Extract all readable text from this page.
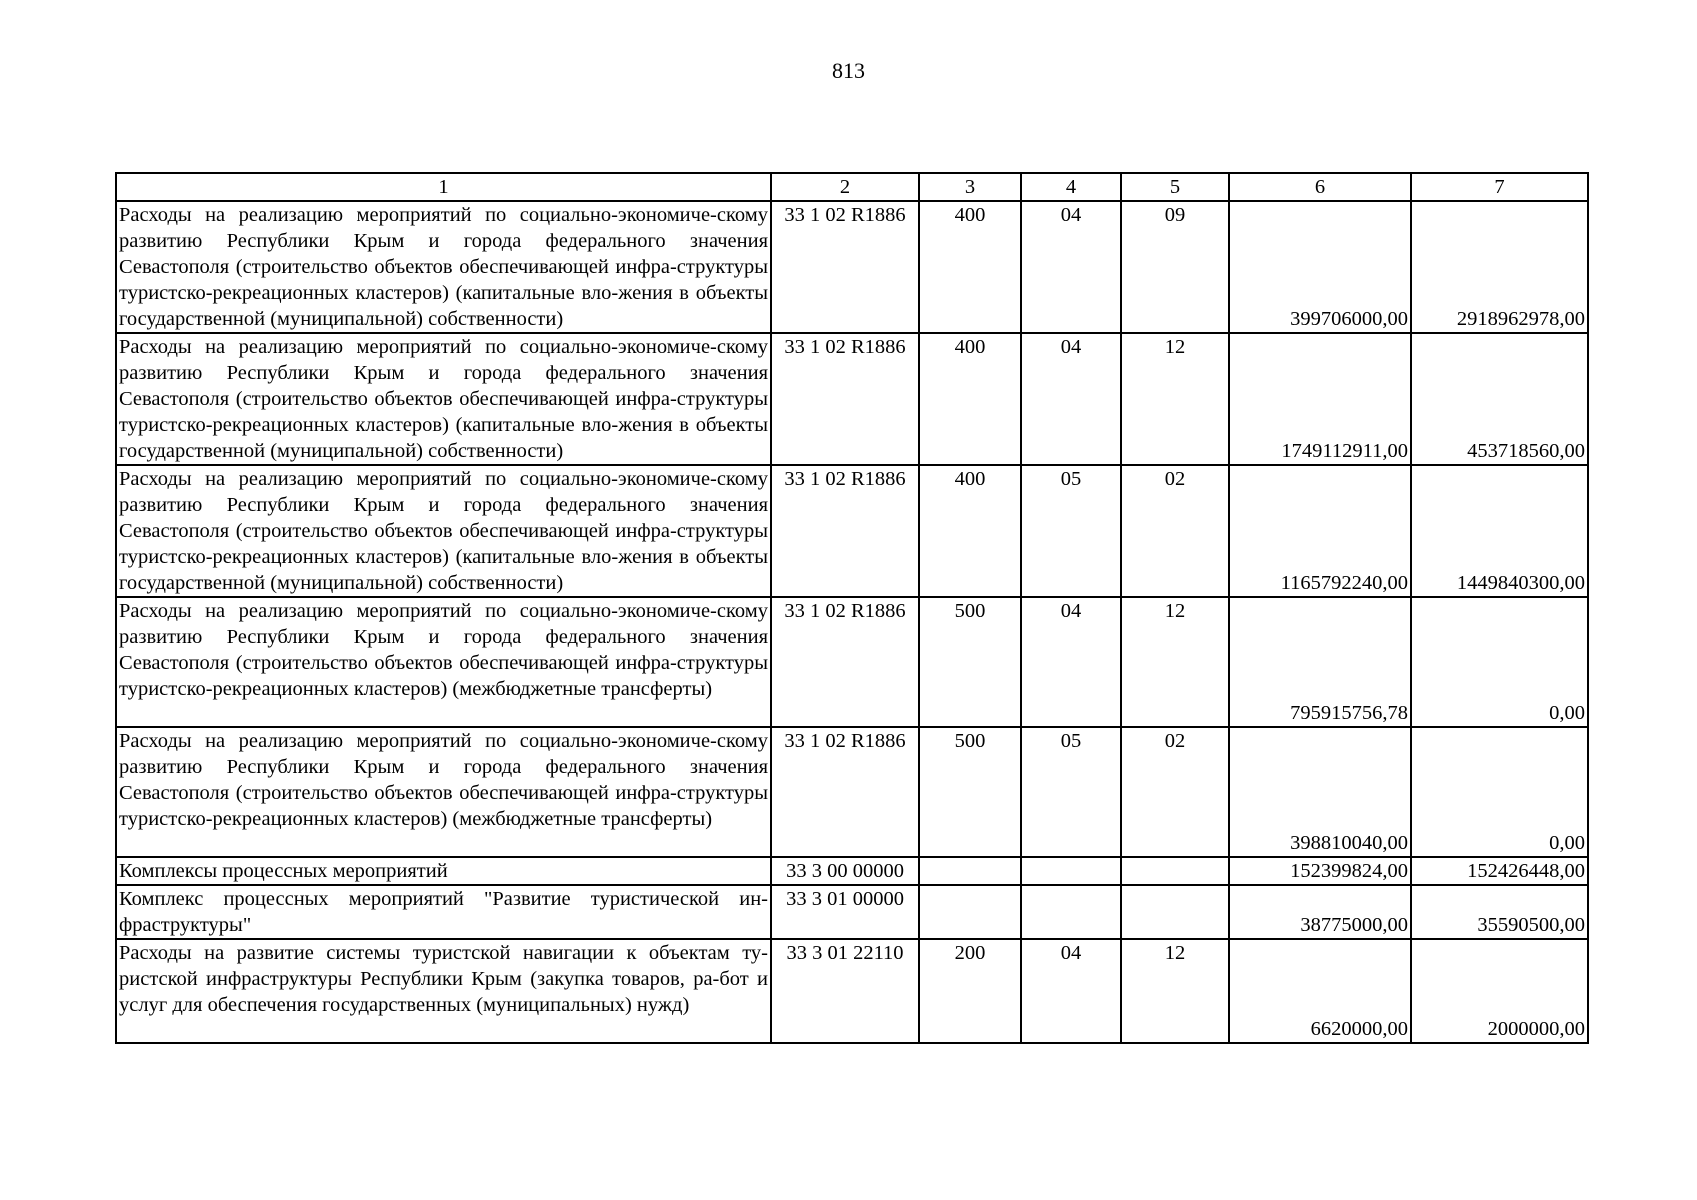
813
1	2	3	4	5	6	7

Расходы на реализацию мероприятий по социально-экономиче-скому развитию Республики Крым и города федерального значения Севастополя (строительство объектов обеспечивающей инфра-структуры туристско-рекреационных кластеров) (капитальные вло-жения в объекты государственной (муниципальной) собственности)	33 1 02 R1886	400	04	09	399706000,00	2918962978,00

Расходы на реализацию мероприятий по социально-экономиче-скому развитию Республики Крым и города федерального значения Севастополя (строительство объектов обеспечивающей инфра-структуры туристско-рекреационных кластеров) (капитальные вло-жения в объекты государственной (муниципальной) собственности)	33 1 02 R1886	400	04	12	1749112911,00	453718560,00

Расходы на реализацию мероприятий по социально-экономиче-скому развитию Республики Крым и города федерального значения Севастополя (строительство объектов обеспечивающей инфра-структуры туристско-рекреационных кластеров) (капитальные вло-жения в объекты государственной (муниципальной) собственности)	33 1 02 R1886	400	05	02	1165792240,00	1449840300,00

Расходы на реализацию мероприятий по социально-экономиче-скому развитию Республики Крым и города федерального значения Севастополя (строительство объектов обеспечивающей инфра-структуры туристско-рекреационных кластеров) (межбюджетные трансферты)	33 1 02 R1886	500	04	12	795915756,78	0,00

Расходы на реализацию мероприятий по социально-экономиче-скому развитию Республики Крым и города федерального значения Севастополя (строительство объектов обеспечивающей инфра-структуры туристско-рекреационных кластеров) (межбюджетные трансферты)	33 1 02 R1886	500	05	02	398810040,00	0,00

Комплексы процессных мероприятий	33 3 00 00000				152399824,00	152426448,00

Комплекс процессных мероприятий "Развитие туристической ин-фраструктуры"	33 3 01 00000				38775000,00	35590500,00

Расходы на развитие системы туристской навигации к объектам ту-ристской инфраструктуры Республики Крым (закупка товаров, ра-бот и услуг для обеспечения государственных (муниципальных) нужд)	33 3 01 22110	200	04	12	6620000,00	2000000,00
